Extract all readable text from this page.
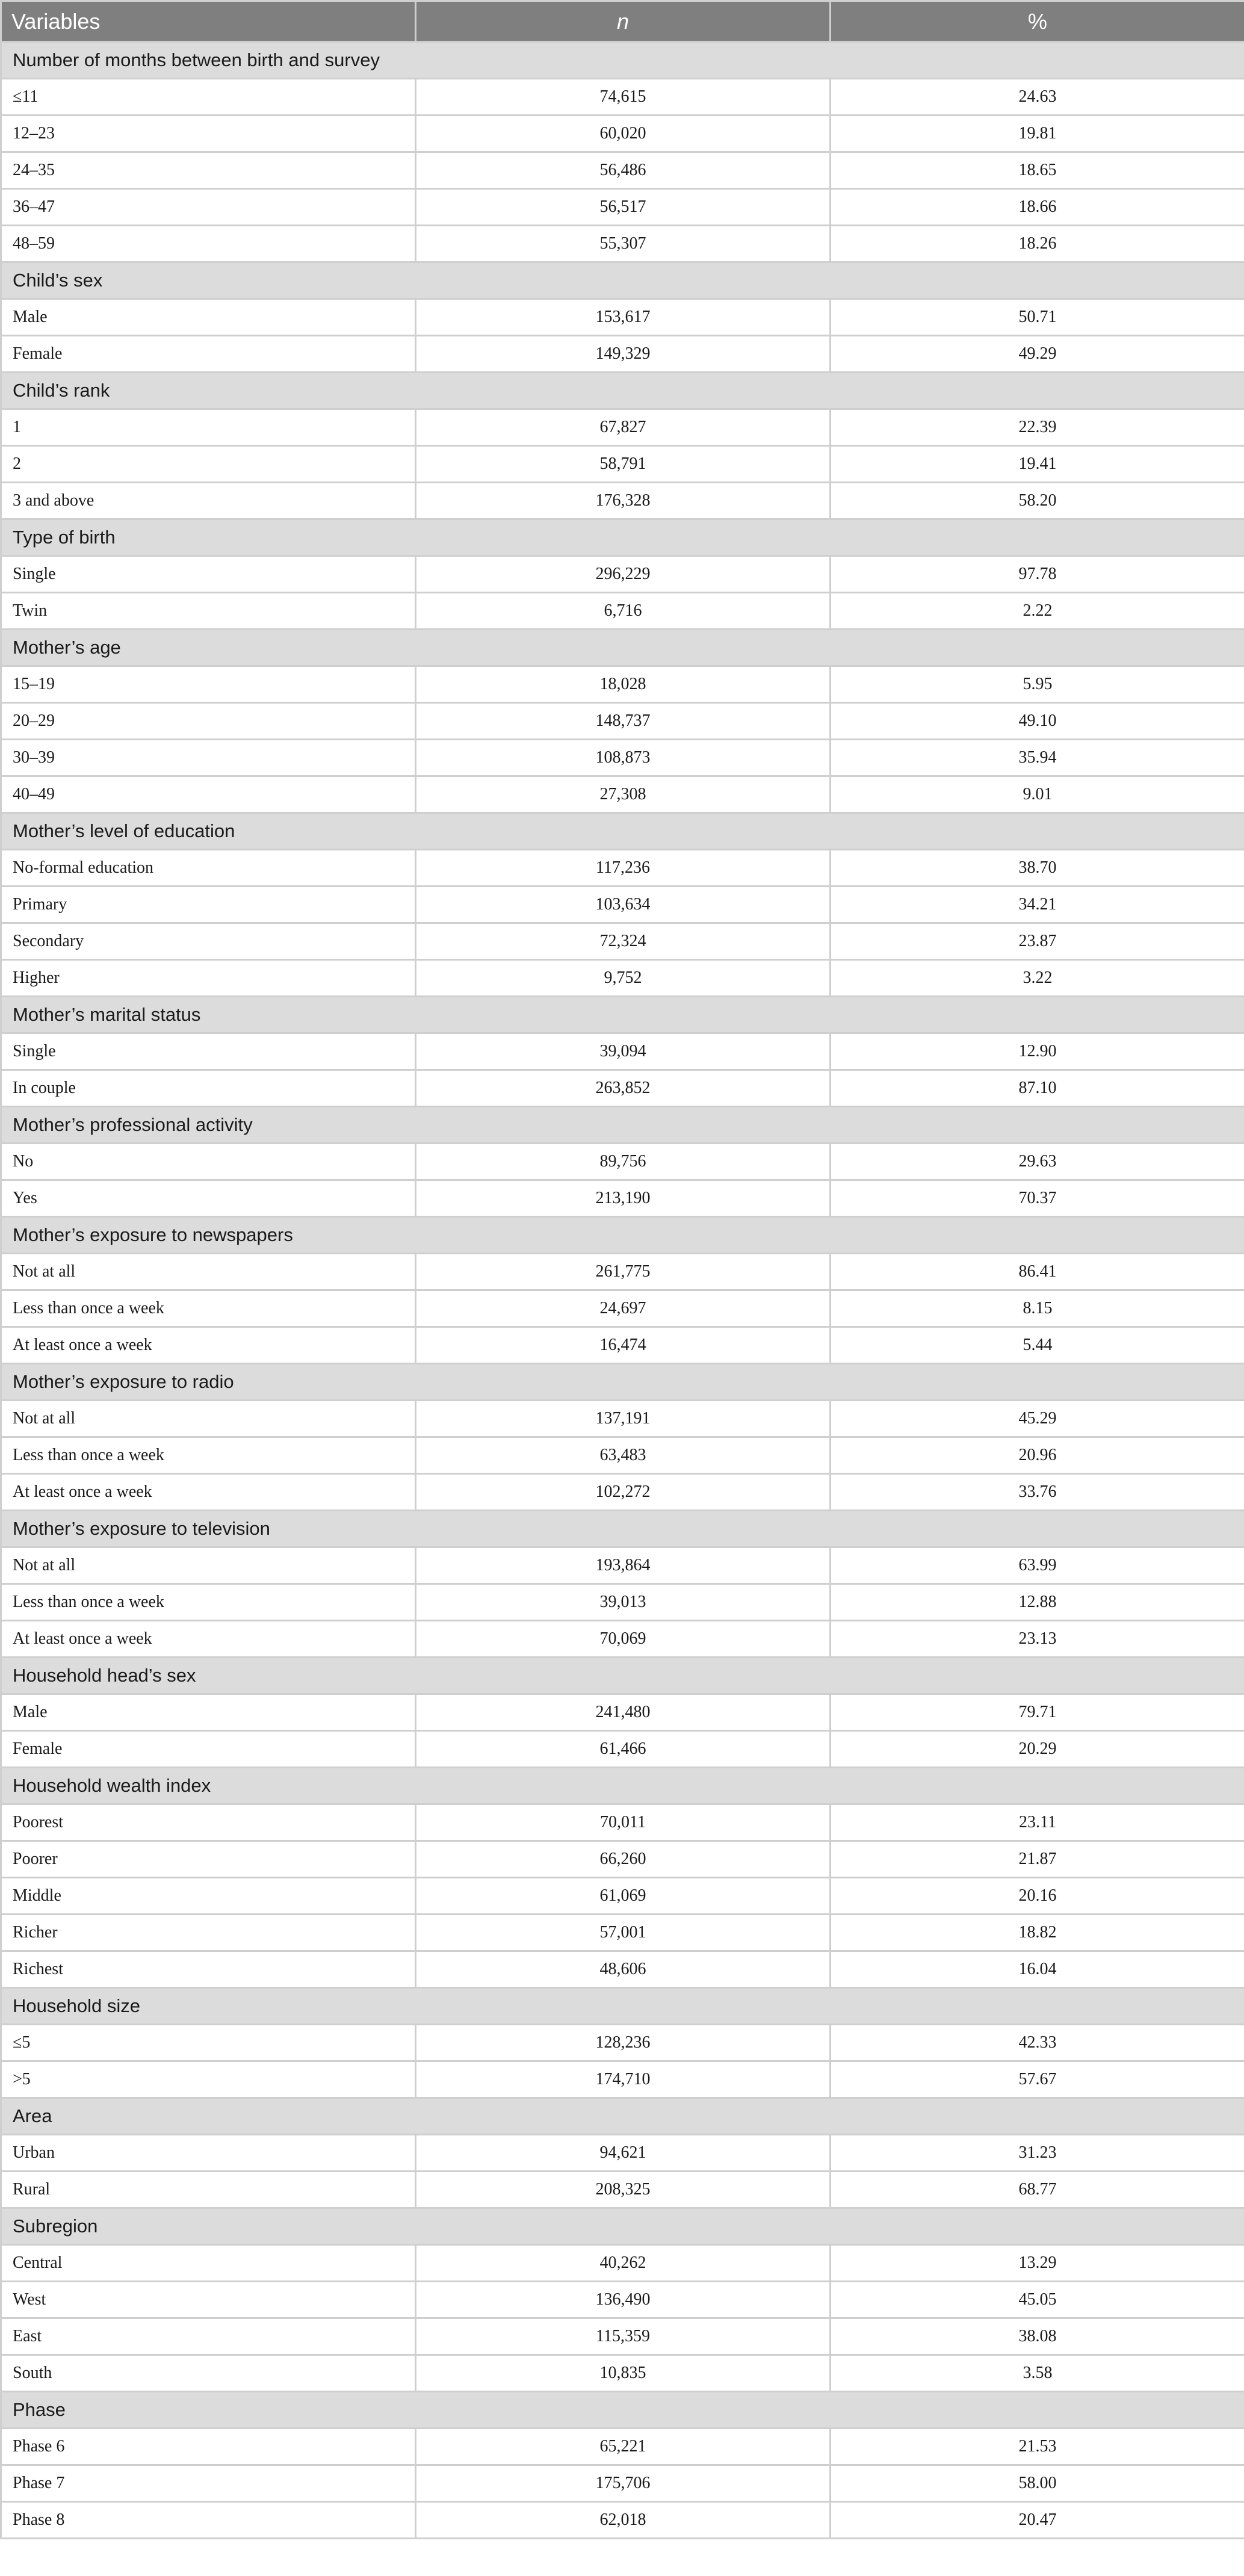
Variables	n	%
Number of months between birth and survey		
≤11	74,615	24.63
12–23	60,020	19.81
24–35	56,486	18.65
36–47	56,517	18.66
48–59	55,307	18.26
Child’s sex		
Male	153,617	50.71
Female	149,329	49.29
Child’s rank		
1	67,827	22.39
2	58,791	19.41
3 and above	176,328	58.20
Type of birth		
Single	296,229	97.78
Twin	6,716	2.22
Mother’s age		
15–19	18,028	5.95
20–29	148,737	49.10
30–39	108,873	35.94
40–49	27,308	9.01
Mother’s level of education		
No-formal education	117,236	38.70
Primary	103,634	34.21
Secondary	72,324	23.87
Higher	9,752	3.22
Mother’s marital status		
Single	39,094	12.90
In couple	263,852	87.10
Mother’s professional activity		
No	89,756	29.63
Yes	213,190	70.37
Mother’s exposure to newspapers		
Not at all	261,775	86.41
Less than once a week	24,697	8.15
At least once a week	16,474	5.44
Mother’s exposure to radio		
Not at all	137,191	45.29
Less than once a week	63,483	20.96
At least once a week	102,272	33.76
Mother’s exposure to television		
Not at all	193,864	63.99
Less than once a week	39,013	12.88
At least once a week	70,069	23.13
Household head’s sex		
Male	241,480	79.71
Female	61,466	20.29
Household wealth index		
Poorest	70,011	23.11
Poorer	66,260	21.87
Middle	61,069	20.16
Richer	57,001	18.82
Richest	48,606	16.04
Household size		
≤5	128,236	42.33
>5	174,710	57.67
Area		
Urban	94,621	31.23
Rural	208,325	68.77
Subregion		
Central	40,262	13.29
West	136,490	45.05
East	115,359	38.08
South	10,835	3.58
Phase		
Phase 6	65,221	21.53
Phase 7	175,706	58.00
Phase 8	62,018	20.47
